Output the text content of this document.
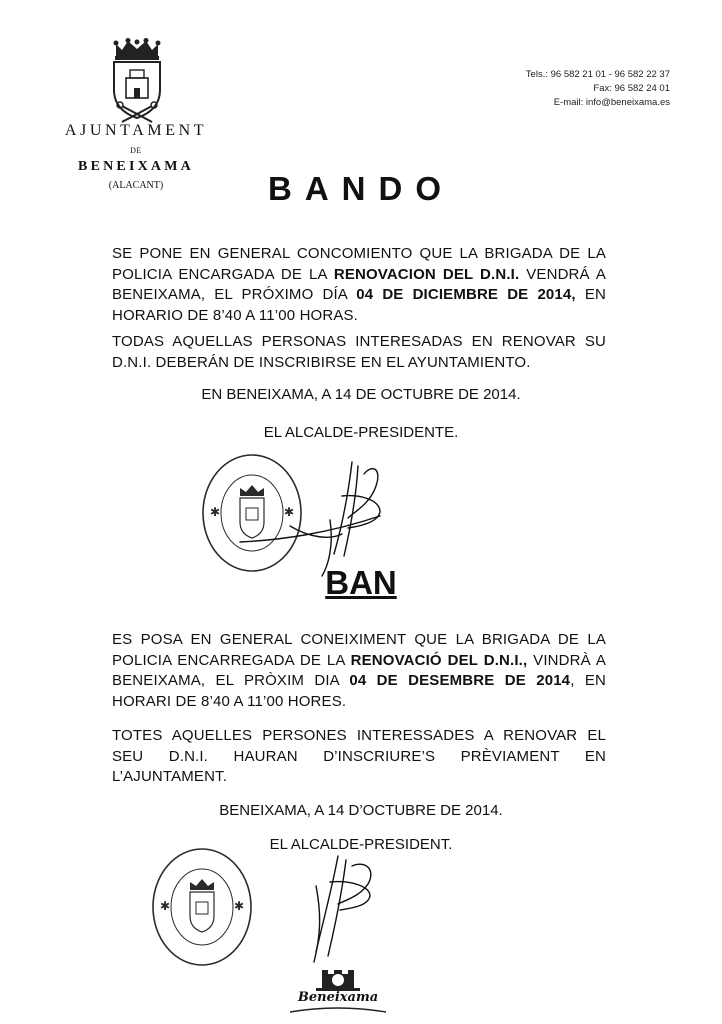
AJUNTAMENT
DE
BENEIXAMA
(ALACANT)
Tels.: 96 582 21 01 - 96 582 22 37
Fax: 96 582 24 01
E-mail: info@beneixama.es
BANDO

SE PONE EN GENERAL CONCOMIENTO QUE LA BRIGADA DE LA POLICIA ENCARGADA DE LA RENOVACION DEL D.N.I. VENDRÁ A BENEIXAMA, EL PRÓXIMO DÍA 04 DE DICIEMBRE DE 2014, EN HORARIO DE 8’40 A 11’00 HORAS.

TODAS AQUELLAS PERSONAS INTERESADAS EN RENOVAR SU D.N.I. DEBERÁN DE INSCRIBIRSE EN EL AYUNTAMIENTO.

EN BENEIXAMA, A 14 DE OCTUBRE DE 2014.

EL ALCALDE-PRESIDENTE.

✱	✱
BAN

ES POSA EN GENERAL CONEIXIMENT QUE LA BRIGADA DE LA POLICIA ENCARREGADA DE LA RENOVACIÓ DEL D.N.I., VINDRÀ A BENEIXAMA, EL PRÒXIM DIA 04 DE DESEMBRE DE 2014, EN HORARI DE 8’40 A 11’00 HORES.

TOTES AQUELLES PERSONES INTERESSADES A RENOVAR EL SEU D.N.I. HAURAN D’INSCRIURE’S PRÈVIAMENT EN L’AJUNTAMENT.

BENEIXAMA, A 14 D’OCTUBRE DE 2014.

EL ALCALDE-PRESIDENT.

✱	✱
Beneixama
